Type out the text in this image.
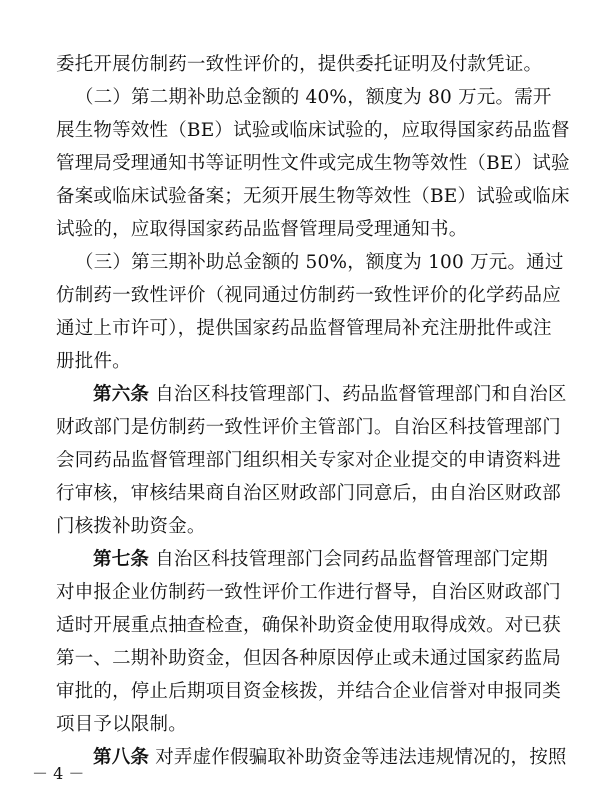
委托开展仿制药一致性评价的，提供委托证明及付款凭证。
（二）第二期补助总金额的 40%，额度为 80 万元。需开
展生物等效性（BE）试验或临床试验的，应取得国家药品监督
管理局受理通知书等证明性文件或完成生物等效性（BE）试验
备案或临床试验备案；无须开展生物等效性（BE）试验或临床
试验的，应取得国家药品监督管理局受理通知书。
（三）第三期补助总金额的 50%，额度为 100 万元。通过
仿制药一致性评价（视同通过仿制药一致性评价的化学药品应
通过上市许可），提供国家药品监督管理局补充注册批件或注
册批件。
第六条 自治区科技管理部门、药品监督管理部门和自治区
财政部门是仿制药一致性评价主管部门。自治区科技管理部门
会同药品监督管理部门组织相关专家对企业提交的申请资料进
行审核，审核结果商自治区财政部门同意后，由自治区财政部
门核拨补助资金。
第七条 自治区科技管理部门会同药品监督管理部门定期
对申报企业仿制药一致性评价工作进行督导，自治区财政部门
适时开展重点抽查检查，确保补助资金使用取得成效。对已获
第一、二期补助资金，但因各种原因停止或未通过国家药监局
审批的，停止后期项目资金核拨，并结合企业信誉对申报同类
项目予以限制。
第八条 对弄虚作假骗取补助资金等违法违规情况的，按照
－ 4 －
